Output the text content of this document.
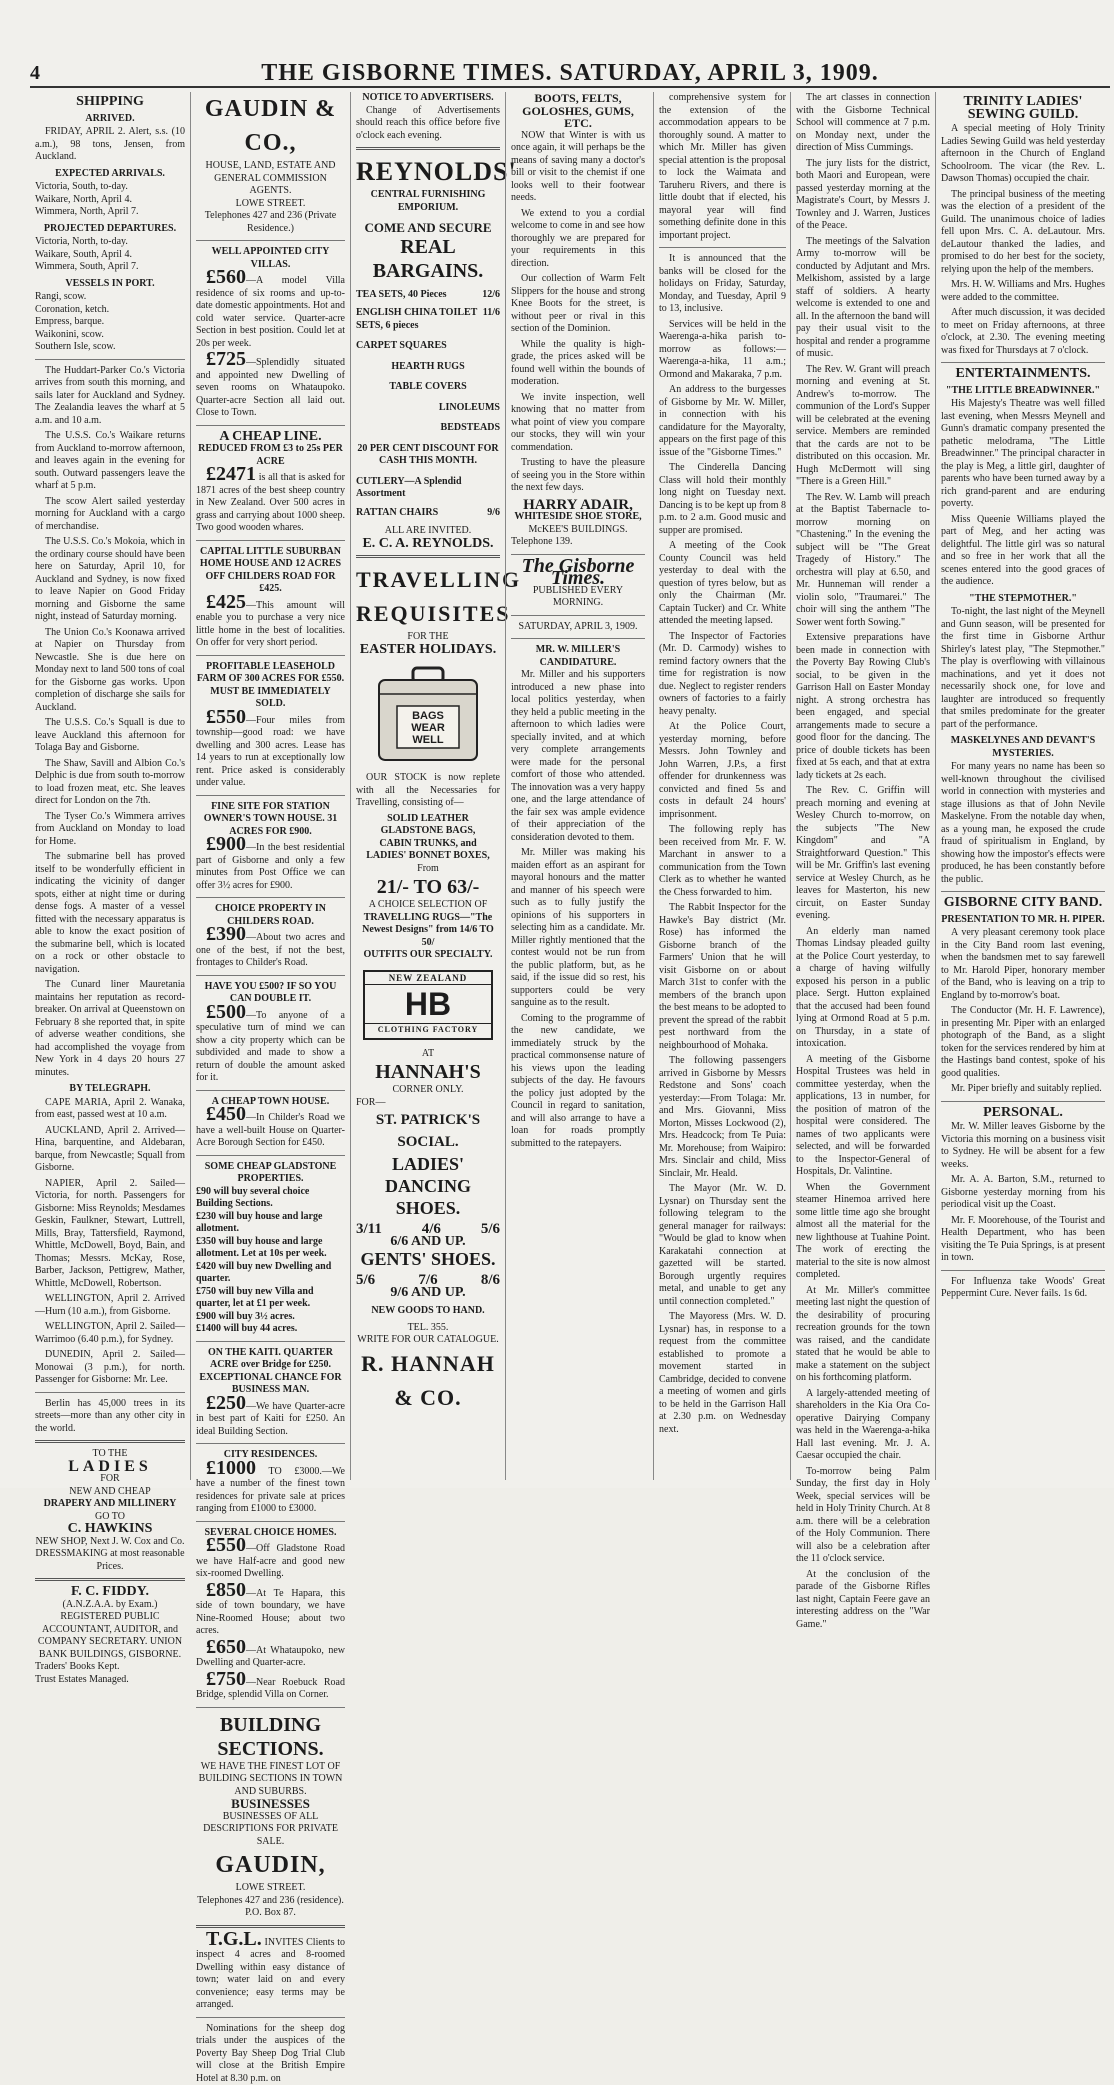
4	THE GISBORNE TIMES. SATURDAY, APRIL 3, 1909.
SHIPPING
ARRIVED.

FRIDAY, APRIL 2. Alert, s.s. (10 a.m.), 98 tons, Jensen, from Auckland.

EXPECTED ARRIVALS.

Victoria, South, to-day.

Waikare, North, April 4.

Wimmera, North, April 7.

PROJECTED DEPARTURES.

Victoria, North, to-day.

Waikare, South, April 4.

Wimmera, South, April 7.

VESSELS IN PORT.

Rangi, scow.

Coronation, ketch.

Empress, barque.

Waikonini, scow.

Southern Isle, scow.

The Huddart-Parker Co.'s Victoria arrives from south this morning, and sails later for Auckland and Sydney. The Zealandia leaves the wharf at 5 a.m. and 10 a.m.

The U.S.S. Co.'s Waikare returns from Auckland to-morrow afternoon, and leaves again in the evening for south. Outward passengers leave the wharf at 5 p.m.

The scow Alert sailed yesterday morning for Auckland with a cargo of merchandise.

The U.S.S. Co.'s Mokoia, which in the ordinary course should have been here on Saturday, April 10, for Auckland and Sydney, is now fixed to leave Napier on Good Friday morning and Gisborne the same night, instead of Saturday morning.

The Union Co.'s Koonawa arrived at Napier on Thursday from Newcastle. She is due here on Monday next to land 500 tons of coal for the Gisborne gas works. Upon completion of discharge she sails for Auckland.

The U.S.S. Co.'s Squall is due to leave Auckland this afternoon for Tolaga Bay and Gisborne.

The Shaw, Savill and Albion Co.'s Delphic is due from south to-morrow to load frozen meat, etc. She leaves direct for London on the 7th.

The Tyser Co.'s Wimmera arrives from Auckland on Monday to load for Home.

The submarine bell has proved itself to be wonderfully efficient in indicating the vicinity of danger spots, either at night time or during dense fogs. A master of a vessel fitted with the necessary apparatus is able to know the exact position of the submarine bell, which is located on a rock or other obstacle to navigation.

The Cunard liner Mauretania maintains her reputation as record-breaker. On arrival at Queenstown on February 8 she reported that, in spite of adverse weather conditions, she had accomplished the voyage from New York in 4 days 20 hours 27 minutes.

BY TELEGRAPH.

CAPE MARIA, April 2. Wanaka, from east, passed west at 10 a.m.

AUCKLAND, April 2. Arrived—Hina, barquentine, and Aldebaran, barque, from Newcastle; Squall from Gisborne.

NAPIER, April 2. Sailed—Victoria, for north. Passengers for Gisborne: Miss Reynolds; Mesdames Geskin, Faulkner, Stewart, Luttrell, Mills, Bray, Tattersfield, Raymond, Whittle, McDowell, Boyd, Bain, and Thomas; Messrs. McKay, Rose, Barber, Jackson, Pettigrew, Mather, Whittle, McDowell, Robertson.

WELLINGTON, April 2. Arrived—Hurn (10 a.m.), from Gisborne.

WELLINGTON, April 2. Sailed—Warrimoo (6.40 p.m.), for Sydney.

DUNEDIN, April 2. Sailed—Monowai (3 p.m.), for north. Passenger for Gisborne: Mr. Lee.

Berlin has 45,000 trees in its streets—more than any other city in the world.

TO THE

LADIES

FOR

NEW AND CHEAP

DRAPERY AND MILLINERY

GO TO

C. HAWKINS

NEW SHOP, Next J. W. Cox and Co. DRESSMAKING at most reasonable Prices.

F. C. FIDDY.

(A.N.Z.A.A. by Exam.)

REGISTERED PUBLIC ACCOUNTANT, AUDITOR, and COMPANY SECRETARY. UNION BANK BUILDINGS, GISBORNE.

Traders' Books Kept.

Trust Estates Managed.

GAUDIN & CO.,

HOUSE, LAND, ESTATE AND GENERAL COMMISSION AGENTS.

LOWE STREET.

Telephones 427 and 236 (Private Residence.)

WELL APPOINTED CITY VILLAS.

£560—A model Villa residence of six rooms and up-to-date domestic appointments. Hot and cold water service. Quarter-acre Section in best position. Could let at 20s per week.

£725—Splendidly situated and appointed new Dwelling of seven rooms on Whataupoko. Quarter-acre Section all laid out. Close to Town.

A CHEAP LINE.

REDUCED FROM £3 to 25s PER ACRE

£2471 is all that is asked for 1871 acres of the best sheep country in New Zealand. Over 500 acres in grass and carrying about 1000 sheep. Two good wooden whares.

CAPITAL LITTLE SUBURBAN HOME HOUSE AND 12 ACRES OFF CHILDERS ROAD FOR £425.

£425—This amount will enable you to purchase a very nice little home in the best of localities. On offer for very short period.

PROFITABLE LEASEHOLD FARM OF 300 ACRES FOR £550. MUST BE IMMEDIATELY SOLD.

£550—Four miles from township—good road: we have dwelling and 300 acres. Lease has 14 years to run at exceptionally low rent. Price asked is considerably under value.

FINE SITE FOR STATION OWNER'S TOWN HOUSE. 31 ACRES FOR £900.

£900—In the best residential part of Gisborne and only a few minutes from Post Office we can offer 3½ acres for £900.

CHOICE PROPERTY IN CHILDERS ROAD.

£390—About two acres and one of the best, if not the best, frontages to Childer's Road.

HAVE YOU £500? IF SO YOU CAN DOUBLE IT.

£500—To anyone of a speculative turn of mind we can show a city property which can be subdivided and made to show a return of double the amount asked for it.

A CHEAP TOWN HOUSE.

£450—In Childer's Road we have a well-built House on Quarter-Acre Borough Section for £450.

SOME CHEAP GLADSTONE PROPERTIES.

£90 will buy several choice Building Sections.

£230 will buy house and large allotment.

£350 will buy house and large allotment. Let at 10s per week.

£420 will buy new Dwelling and quarter.

£750 will buy new Villa and quarter, let at £1 per week.

£900 will buy 3½ acres.

£1400 will buy 44 acres.

ON THE KAITI. QUARTER ACRE over Bridge for £250.

EXCEPTIONAL CHANCE FOR BUSINESS MAN.

£250—We have Quarter-acre in best part of Kaiti for £250. An ideal Building Section.

CITY RESIDENCES.

£1000 TO £3000.—We have a number of the finest town residences for private sale at prices ranging from £1000 to £3000.

SEVERAL CHOICE HOMES.

£550—Off Gladstone Road we have Half-acre and good new six-roomed Dwelling.

£850—At Te Hapara, this side of town boundary, we have Nine-Roomed House; about two acres.

£650—At Whataupoko, new Dwelling and Quarter-acre.

£750—Near Roebuck Road Bridge, splendid Villa on Corner.

BUILDING SECTIONS.

WE HAVE THE FINEST LOT OF BUILDING SECTIONS IN TOWN AND SUBURBS.

BUSINESSES

BUSINESSES OF ALL DESCRIPTIONS FOR PRIVATE SALE.

GAUDIN,

LOWE STREET.

Telephones 427 and 236 (residence). P.O. Box 87.

T.G.L. INVITES Clients to inspect 4 acres and 8-roomed Dwelling within easy distance of town; water laid on and every convenience; easy terms may be arranged.

Nominations for the sheep dog trials under the auspices of the Poverty Bay Sheep Dog Trial Club will close at the British Empire Hotel at 8.30 p.m. on

NOTICE TO ADVERTISERS.

Change of Advertisements should reach this office before five o'clock each evening.

REYNOLDS'

CENTRAL FURNISHING EMPORIUM.

COME AND SECURE

REAL BARGAINS.

TEA SETS, 40 Pieces	12/6
ENGLISH CHINA TOILET SETS, 6 pieces
11/6

CARPET SQUARES

HEARTH RUGS

TABLE COVERS

LINOLEUMS

BEDSTEADS

20 PER CENT DISCOUNT FOR CASH THIS MONTH.

CUTLERY—A Splendid Assortment

RATTAN CHAIRS	9/6

ALL ARE INVITED.

E. C. A. REYNOLDS.

TRAVELLING

REQUISITES

FOR THE

EASTER HOLIDAYS.

BAGS WEAR WELL

OUR STOCK is now replete with all the Necessaries for Travelling, consisting of—

SOLID LEATHER GLADSTONE BAGS,

CABIN TRUNKS, and

LADIES' BONNET BOXES,

From

21/- TO 63/-

A CHOICE SELECTION OF

TRAVELLING RUGS—"The Newest Designs" from 14/6 TO 50/

OUTFITS OUR SPECIALTY.

NEW ZEALAND
HB
CLOTHING FACTORY

AT

HANNAH'S

CORNER ONLY.

FOR—

ST. PATRICK'S SOCIAL.

LADIES' DANCING SHOES.

3/11	4/6	5/6

6/6 AND UP.

GENTS' SHOES.

5/6	7/6	8/6

9/6 AND UP.

NEW GOODS TO HAND.

TEL. 355.

WRITE FOR OUR CATALOGUE.

R. HANNAH & CO.

BOOTS, FELTS, GOLOSHES, GUMS, ETC.

NOW that Winter is with us once again, it will perhaps be the means of saving many a doctor's bill or visit to the chemist if one looks well to their footwear needs.

We extend to you a cordial welcome to come in and see how thoroughly we are prepared for your requirements in this direction.

Our collection of Warm Felt Slippers for the house and strong Knee Boots for the street, is without peer or rival in this section of the Dominion.

While the quality is high-grade, the prices asked will be found well within the bounds of moderation.

We invite inspection, well knowing that no matter from what point of view you compare our stocks, they will win your commendation.

Trusting to have the pleasure of seeing you in the Store within the next few days.

HARRY ADAIR,

WHITESIDE SHOE STORE,

McKEE'S BUILDINGS.

Telephone 139.

The Gisborne Times.

PUBLISHED EVERY MORNING.

SATURDAY, APRIL 3, 1909.

MR. W. MILLER'S CANDIDATURE.

Mr. Miller and his supporters introduced a new phase into local politics yesterday, when they held a public meeting in the afternoon to which ladies were specially invited, and at which very complete arrangements were made for the personal comfort of those who attended. The innovation was a very happy one, and the large attendance of the fair sex was ample evidence of their appreciation of the consideration devoted to them.

Mr. Miller was making his maiden effort as an aspirant for mayoral honours and the matter and manner of his speech were such as to fully justify the opinions of his supporters in selecting him as a candidate. Mr. Miller rightly mentioned that the contest would not be run from the public platform, but, as he said, if the issue did so rest, his supporters could be very sanguine as to the result.

Coming to the programme of the new candidate, we immediately struck by the practical commonsense nature of his views upon the leading subjects of the day. He favours the policy just adopted by the Council in regard to sanitation, and will also arrange to have a loan for roads promptly submitted to the ratepayers.

comprehensive system for the extension of the accommodation appears to be thoroughly sound. A matter to which Mr. Miller has given special attention is the proposal to lock the Waimata and Taruheru Rivers, and there is little doubt that if elected, his mayoral year will find something definite done in this important project.

It is announced that the banks will be closed for the holidays on Friday, Saturday, Monday, and Tuesday, April 9 to 13, inclusive.

Services will be held in the Waerenga-a-hika parish to-morrow as follows:—Waerenga-a-hika, 11 a.m.; Ormond and Makaraka, 7 p.m.

An address to the burgesses of Gisborne by Mr. W. Miller, in connection with his candidature for the Mayoralty, appears on the first page of this issue of the "Gisborne Times."

The Cinderella Dancing Class will hold their monthly long night on Tuesday next. Dancing is to be kept up from 8 p.m. to 2 a.m. Good music and supper are promised.

A meeting of the Cook County Council was held yesterday to deal with the question of tyres below, but as only the Chairman (Mr. Captain Tucker) and Cr. White attended the meeting lapsed.

The Inspector of Factories (Mr. D. Carmody) wishes to remind factory owners that the time for registration is now due. Neglect to register renders owners of factories to a fairly heavy penalty.

At the Police Court, yesterday morning, before Messrs. John Townley and John Warren, J.P.s, a first offender for drunkenness was convicted and fined 5s and costs in default 24 hours' imprisonment.

The following reply has been received from Mr. F. W. Marchant in answer to a communication from the Town Clerk as to whether he wanted the Chess forwarded to him.

The Rabbit Inspector for the Hawke's Bay district (Mr. Rose) has informed the Gisborne branch of the Farmers' Union that he will visit Gisborne on or about March 31st to confer with the members of the branch upon the best means to be adopted to prevent the spread of the rabbit pest northward from the neighbourhood of Mohaka.

The following passengers arrived in Gisborne by Messrs Redstone and Sons' coach yesterday:—From Tolaga: Mr. and Mrs. Giovanni, Miss Morton, Misses Lockwood (2), Mrs. Headcock; from Te Puia: Mr. Morehouse; from Waipiro: Mrs. Sinclair and child, Miss Sinclair, Mr. Heald.

The Mayor (Mr. W. D. Lysnar) on Thursday sent the following telegram to the general manager for railways: "Would be glad to know when Karakatahi connection at gazetted will be started. Borough urgently requires metal, and unable to get any until connection completed."

The Mayoress (Mrs. W. D. Lysnar) has, in response to a request from the committee established to promote a movement started in Cambridge, decided to convene a meeting of women and girls to be held in the Garrison Hall at 2.30 p.m. on Wednesday next.

The art classes in connection with the Gisborne Technical School will commence at 7 p.m. on Monday next, under the direction of Miss Cummings.

The jury lists for the district, both Maori and European, were passed yesterday morning at the Magistrate's Court, by Messrs J. Townley and J. Warren, Justices of the Peace.

The meetings of the Salvation Army to-morrow will be conducted by Adjutant and Mrs. Melkishom, assisted by a large staff of soldiers. A hearty welcome is extended to one and all. In the afternoon the band will pay their usual visit to the hospital and render a programme of music.

The Rev. W. Grant will preach morning and evening at St. Andrew's to-morrow. The communion of the Lord's Supper will be celebrated at the evening service. Members are reminded that the cards are not to be distributed on this occasion. Mr. Hugh McDermott will sing "There is a Green Hill."

The Rev. W. Lamb will preach at the Baptist Tabernacle to-morrow morning on "Chastening." In the evening the subject will be "The Great Tragedy of History." The orchestra will play at 6.50, and Mr. Hunneman will render a violin solo, "Traumarei." The choir will sing the anthem "The Sower went forth Sowing."

Extensive preparations have been made in connection with the Poverty Bay Rowing Club's social, to be given in the Garrison Hall on Easter Monday night. A strong orchestra has been engaged, and special arrangements made to secure a good floor for the dancing. The price of double tickets has been fixed at 5s each, and that at extra lady tickets at 2s each.

The Rev. C. Griffin will preach morning and evening at Wesley Church to-morrow, on the subjects "The New Kingdom" and "A Straightforward Question." This will be Mr. Griffin's last evening service at Wesley Church, as he leaves for Masterton, his new circuit, on Easter Sunday evening.

An elderly man named Thomas Lindsay pleaded guilty at the Police Court yesterday, to a charge of having wilfully exposed his person in a public place. Sergt. Hutton explained that the accused had been found lying at Ormond Road at 5 p.m. on Thursday, in a state of intoxication.

A meeting of the Gisborne Hospital Trustees was held in committee yesterday, when the applications, 13 in number, for the position of matron of the hospital were considered. The names of two applicants were selected, and will be forwarded to the Inspector-General of Hospitals, Dr. Valintine.

When the Government steamer Hinemoa arrived here some little time ago she brought almost all the material for the new lighthouse at Tuahine Point. The work of erecting the material to the site is now almost completed.

At Mr. Miller's committee meeting last night the question of the desirability of procuring recreation grounds for the town was raised, and the candidate stated that he would be able to make a statement on the subject on his forthcoming platform.

A largely-attended meeting of shareholders in the Kia Ora Co-operative Dairying Company was held in the Waerenga-a-hika Hall last evening. Mr. J. A. Caesar occupied the chair.

To-morrow being Palm Sunday, the first day in Holy Week, special services will be held in Holy Trinity Church. At 8 a.m. there will be a celebration of the Holy Communion. There will also be a celebration after the 11 o'clock service.

At the conclusion of the parade of the Gisborne Rifles last night, Captain Feere gave an interesting address on the "War Game."

TRINITY LADIES' SEWING GUILD.

A special meeting of Holy Trinity Ladies Sewing Guild was held yesterday afternoon in the Church of England Schoolroom. The vicar (the Rev. L. Dawson Thomas) occupied the chair.

The principal business of the meeting was the election of a president of the Guild. The unanimous choice of ladies fell upon Mrs. C. A. deLautour. Mrs. deLautour thanked the ladies, and promised to do her best for the society, relying upon the help of the members.

Mrs. H. W. Williams and Mrs. Hughes were added to the committee.

After much discussion, it was decided to meet on Friday afternoons, at three o'clock, at 2.30. The evening meeting was fixed for Thursdays at 7 o'clock.

ENTERTAINMENTS.
"THE LITTLE BREADWINNER."

His Majesty's Theatre was well filled last evening, when Messrs Meynell and Gunn's dramatic company presented the pathetic melodrama, "The Little Breadwinner." The principal character in the play is Meg, a little girl, daughter of parents who have been turned away by a rich grand-parent and are enduring poverty.

Miss Queenie Williams played the part of Meg, and her acting was delightful. The little girl was so natural and so free in her work that all the scenes entered into the good graces of the audience.

"THE STEPMOTHER."

To-night, the last night of the Meynell and Gunn season, will be presented for the first time in Gisborne Arthur Shirley's latest play, "The Stepmother." The play is overflowing with villainous machinations, and yet it does not necessarily shock one, for love and laughter are introduced so frequently that smiles predominate for the greater part of the performance.

MASKELYNES AND DEVANT'S MYSTERIES.

For many years no name has been so well-known throughout the civilised world in connection with mysteries and stage illusions as that of John Nevile Maskelyne. From the notable day when, as a young man, he exposed the crude fraud of spiritualism in England, by showing how the impostor's effects were produced, he has been constantly before the public.

GISBORNE CITY BAND.
PRESENTATION TO MR. H. PIPER.

A very pleasant ceremony took place in the City Band room last evening, when the bandsmen met to say farewell to Mr. Harold Piper, honorary member of the Band, who is leaving on a trip to England by to-morrow's boat.

The Conductor (Mr. H. F. Lawrence), in presenting Mr. Piper with an enlarged photograph of the Band, as a slight token for the services rendered by him at the Hastings band contest, spoke of his good qualities.

Mr. Piper briefly and suitably replied.

PERSONAL.

Mr. W. Miller leaves Gisborne by the Victoria this morning on a business visit to Sydney. He will be absent for a few weeks.

Mr. A. A. Barton, S.M., returned to Gisborne yesterday morning from his periodical visit up the Coast.

Mr. F. Moorehouse, of the Tourist and Health Department, who has been visiting the Te Puia Springs, is at present in town.

For Influenza take Woods' Great Peppermint Cure. Never fails. 1s 6d.
